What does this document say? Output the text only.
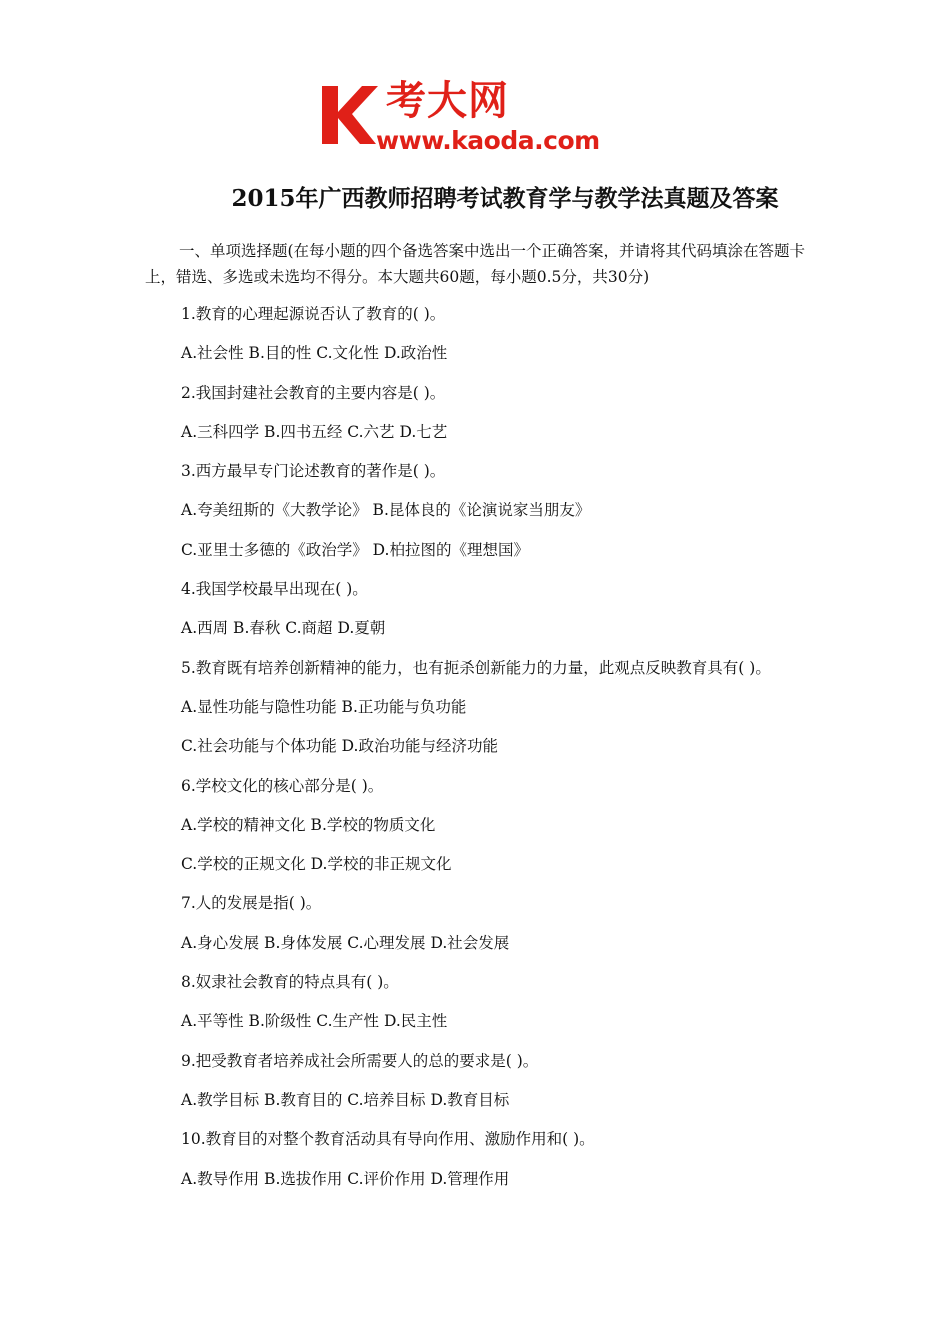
考大网
www.kaoda.com
2015年广西教师招聘考试教育学与教学法真题及答案
一、单项选择题(在每小题的四个备选答案中选出一个正确答案，并请将其代码填涂在答题卡上，错选、多选或未选均不得分。本大题共60题，每小题0.5分，共30分)
1.教育的心理起源说否认了教育的( )。
A.社会性 B.目的性 C.文化性 D.政治性
2.我国封建社会教育的主要内容是( )。
A.三科四学 B.四书五经 C.六艺 D.七艺
3.西方最早专门论述教育的著作是( )。
A.夸美纽斯的《大教学论》 B.昆体良的《论演说家当朋友》
C.亚里士多德的《政治学》 D.柏拉图的《理想国》
4.我国学校最早出现在( )。
A.西周 B.春秋 C.商超 D.夏朝
5.教育既有培养创新精神的能力，也有扼杀创新能力的力量，此观点反映教育具有( )。
A.显性功能与隐性功能 B.正功能与负功能
C.社会功能与个体功能 D.政治功能与经济功能
6.学校文化的核心部分是( )。
A.学校的精神文化 B.学校的物质文化
C.学校的正规文化 D.学校的非正规文化
7.人的发展是指( )。
A.身心发展 B.身体发展 C.心理发展 D.社会发展
8.奴隶社会教育的特点具有( )。
A.平等性 B.阶级性 C.生产性 D.民主性
9.把受教育者培养成社会所需要人的总的要求是( )。
A.教学目标 B.教育目的 C.培养目标 D.教育目标
10.教育目的对整个教育活动具有导向作用、激励作用和( )。
A.教导作用 B.选拔作用 C.评价作用 D.管理作用
